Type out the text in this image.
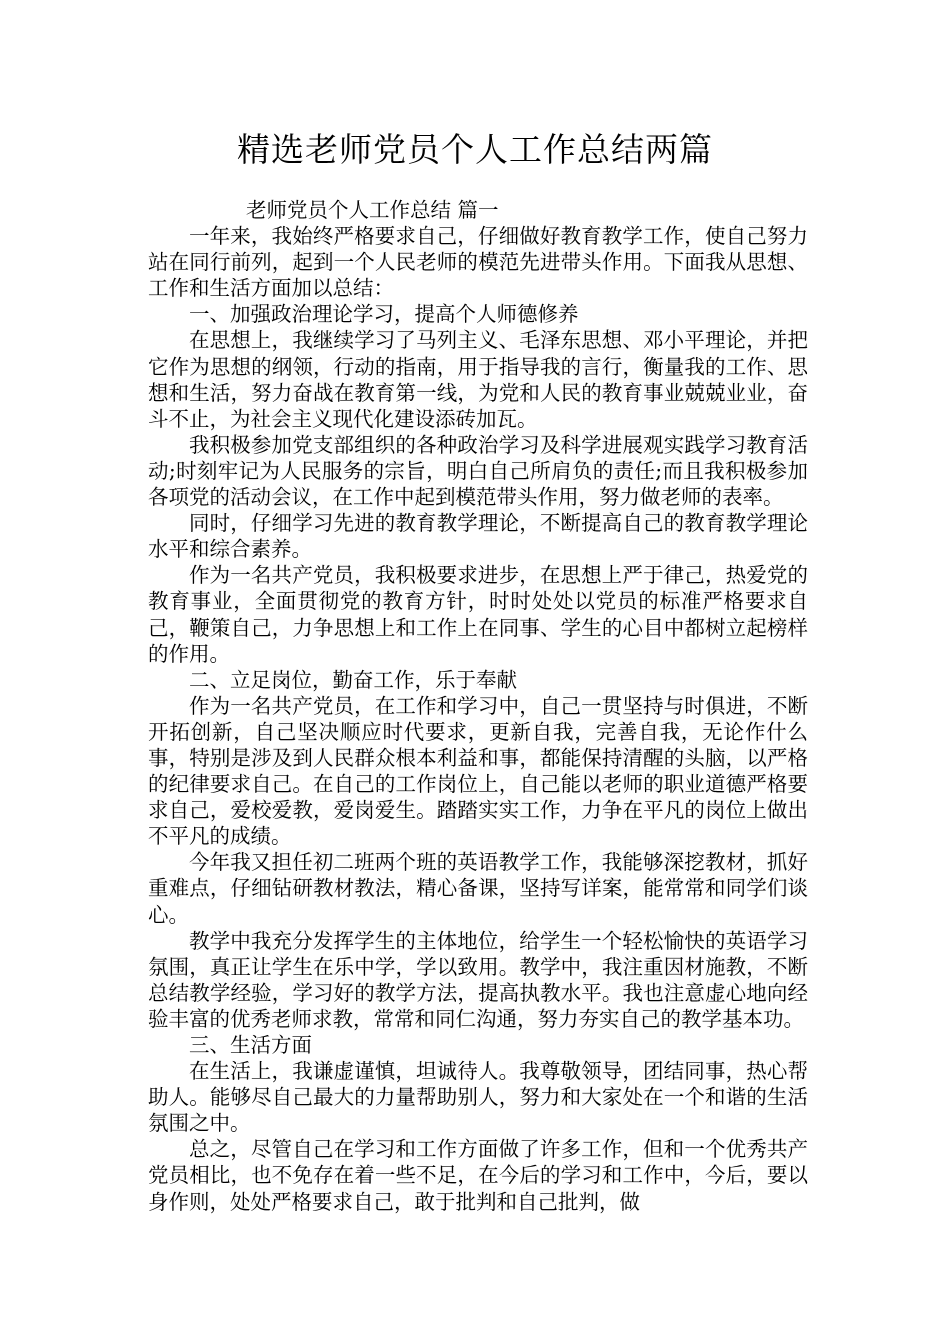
精选老师党员个人工作总结两篇

老师党员个人工作总结 篇一

一年来，我始终严格要求自己，仔细做好教育教学工作，使自己努力站在同行前列，起到一个人民老师的模范先进带头作用。下面我从思想、工作和生活方面加以总结：

一、加强政治理论学习，提高个人师德修养

在思想上，我继续学习了马列主义、毛泽东思想、邓小平理论，并把它作为思想的纲领，行动的指南，用于指导我的言行，衡量我的工作、思想和生活，努力奋战在教育第一线，为党和人民的教育事业兢兢业业，奋斗不止，为社会主义现代化建设添砖加瓦。

我积极参加党支部组织的各种政治学习及科学进展观实践学习教育活动;时刻牢记为人民服务的宗旨，明白自己所肩负的责任;而且我积极参加各项党的活动会议，在工作中起到模范带头作用，努力做老师的表率。

同时，仔细学习先进的教育教学理论，不断提高自己的教育教学理论水平和综合素养。

作为一名共产党员，我积极要求进步，在思想上严于律己，热爱党的教育事业，全面贯彻党的教育方针，时时处处以党员的标准严格要求自己，鞭策自己，力争思想上和工作上在同事、学生的心目中都树立起榜样的作用。

二、立足岗位，勤奋工作，乐于奉献

作为一名共产党员，在工作和学习中，自己一贯坚持与时俱进，不断开拓创新，自己坚决顺应时代要求，更新自我，完善自我，无论作什么事，特别是涉及到人民群众根本利益和事，都能保持清醒的头脑，以严格的纪律要求自己。在自己的工作岗位上，自己能以老师的职业道德严格要求自己，爱校爱教，爱岗爱生。踏踏实实工作，力争在平凡的岗位上做出不平凡的成绩。

今年我又担任初二班两个班的英语教学工作，我能够深挖教材，抓好重难点，仔细钻研教材教法，精心备课，坚持写详案，能常常和同学们谈心。

教学中我充分发挥学生的主体地位，给学生一个轻松愉快的英语学习氛围，真正让学生在乐中学，学以致用。教学中，我注重因材施教，不断总结教学经验，学习好的教学方法，提高执教水平。我也注意虚心地向经验丰富的优秀老师求教，常常和同仁沟通，努力夯实自己的教学基本功。

三、生活方面

在生活上，我谦虚谨慎，坦诚待人。我尊敬领导，团结同事，热心帮助人。能够尽自己最大的力量帮助别人，努力和大家处在一个和谐的生活氛围之中。

总之，尽管自己在学习和工作方面做了许多工作，但和一个优秀共产党员相比，也不免存在着一些不足，在今后的学习和工作中，今后，要以身作则，处处严格要求自己，敢于批判和自己批判，做
